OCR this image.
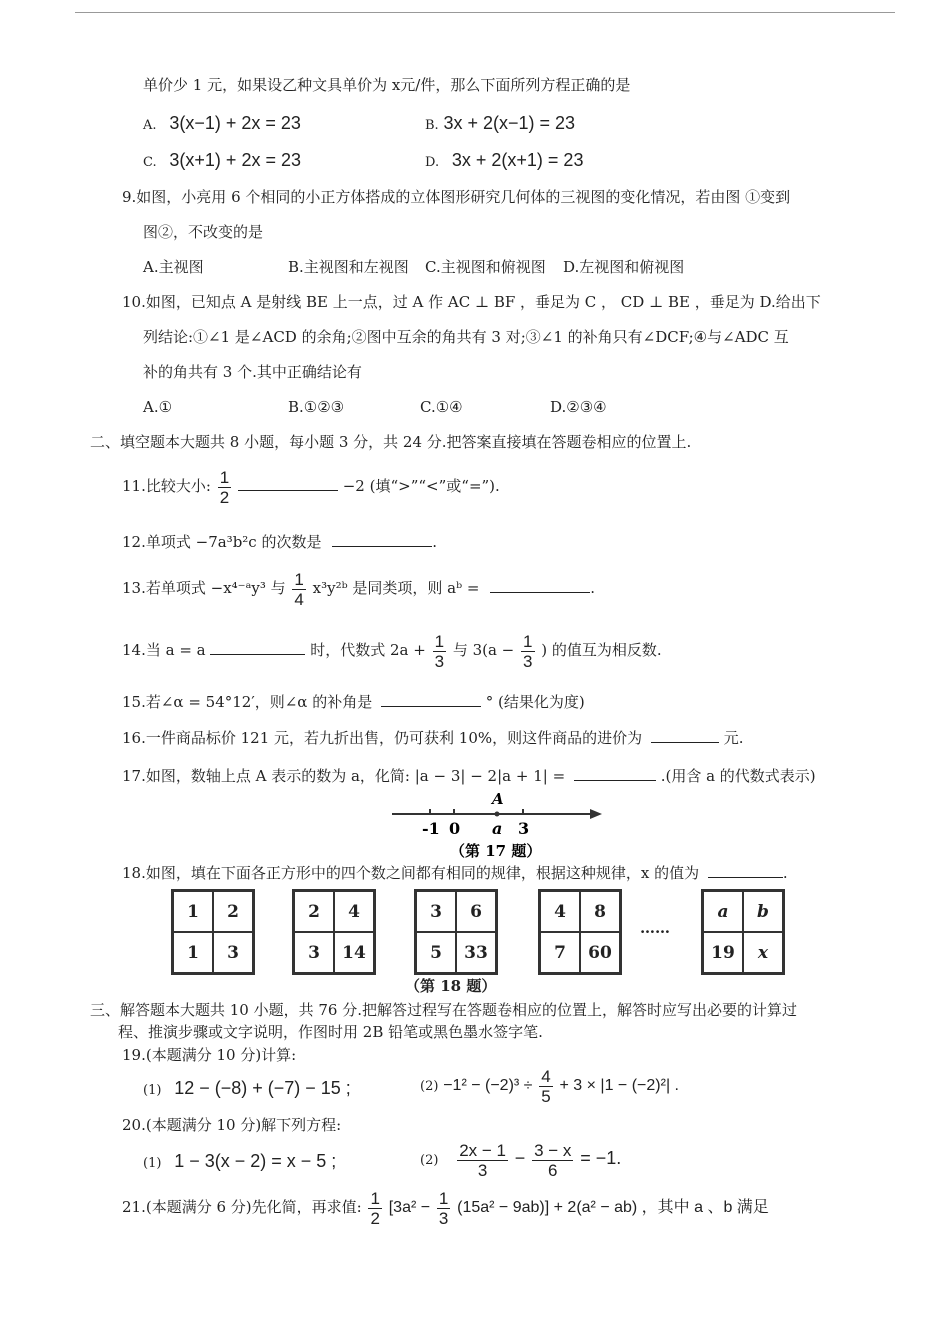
单价少 1 元，如果设乙种文具单价为 x元/件，那么下面所列方程正确的是
A. 3(x−1) + 2x = 23	B. 3x + 2(x−1) = 23
C. 3(x+1) + 2x = 23	D. 3x + 2(x+1) = 23
9.如图，小亮用 6 个相同的小正方体搭成的立体图形研究几何体的三视图的变化情况，若由图 ①变到
图②，不改变的是
A.主视图	B.主视图和左视图 C.主视图和俯视图 D.左视图和俯视图
10.如图，已知点 A 是射线 BE 上一点，过 A 作 AC ⊥ BF ，垂足为 C ， CD ⊥ BE ，垂足为 D.给出下
列结论:①∠1 是∠ACD 的余角;②图中互余的角共有 3 对;③∠1 的补角只有∠DCF;④与∠ADC 互
补的角共有 3 个.其中正确结论有
A.①	B.①②③	C.①④	D.②③④
二、填空题本大题共 8 小题，每小题 3 分，共 24 分.把答案直接填在答题卷相应的位置上.
11.比较大小: $\frac{1}{2}$	−2 (填“>”“<”或“=”).
12.单项式 −7a³b²c 的次数是	.
13.若单项式 −x⁴⁻ᵃy³ 与 $\frac{1}{4}$ x³y²ᵇ 是同类项，则 aᵇ =	.
14.当 a = a	时，代数式 $2a + \frac{1}{3}$ 与 $3(a - \frac{1}{3}$ ) 的值互为相反数.
15.若∠α = 54°12′，则∠α 的补角是	° (结果化为度)
16.一件商品标价 121 元，若九折出售，仍可获利 10%，则这件商品的进价为	元.
17.如图，数轴上点 A 表示的数为 a，化简: |a − 3| − 2|a + 1| =	.(用含 a 的代数式表示)
A
-1 0 a 3
（第 17 题）
18.如图，填在下面各正方形中的四个数之间都有相同的规律，根据这种规律，x 的值为	.
1	2
1	3
2	4
3	14
3	6
5	33
4	8
7	60
……
a	b
19	x
（第 18 题）
三、解答题本大题共 10 小题，共 76 分.把解答过程写在答题卷相应的位置上，解答时应写出必要的计算过
程、推演步骤或文字说明，作图时用 2B 铅笔或黑色墨水签字笔.
19.(本题满分 10 分)计算:
(1) 12 − (−8) + (−7) − 15 ;	$(2) -1^2 - (-2)^3 \div \frac{4}{5} + 3 \times |1 - (-2)^2|$ .
20.(本题满分 10 分)解下列方程:
(1) 1 − 3(x − 2) = x − 5 ;	$(2) \frac{2x - 1}{3} - \frac{3 - x}{6} = -1$.
21.(本题满分 6 分)先化简，再求值: $\frac{1}{2} [3a^2 - \frac{1}{3} (15a^2 - 9ab)] + 2(a^2 - ab)$ ，其中 a 、b 满足
